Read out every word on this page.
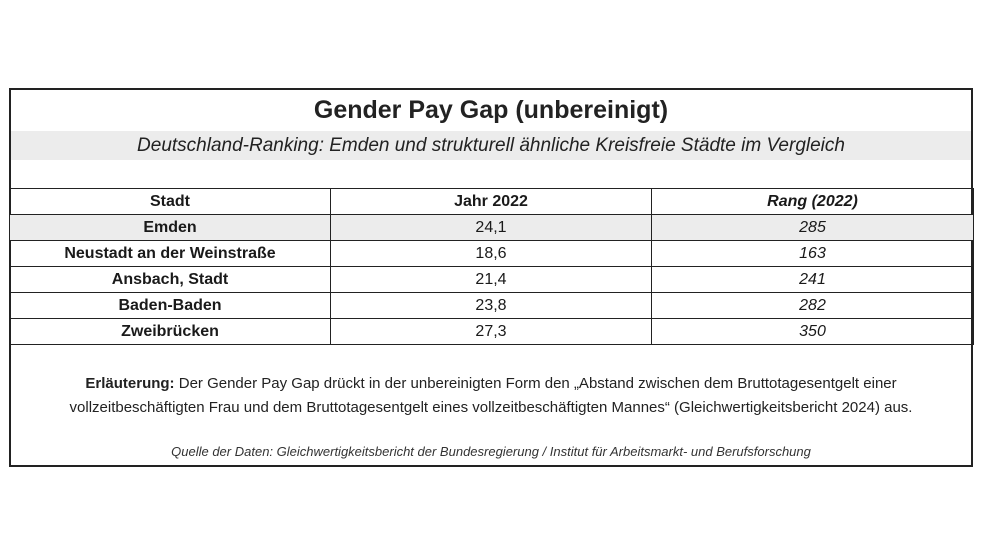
Gender Pay Gap (unbereinigt)
Deutschland-Ranking: Emden und strukturell ähnliche Kreisfreie Städte im Vergleich
Stadt	Jahr 2022	Rang (2022)
Emden	24,1	285
Neustadt an der Weinstraße	18,6	163
Ansbach, Stadt	21,4	241
Baden-Baden	23,8	282
Zweibrücken	27,3	350
Erläuterung: Der Gender Pay Gap drückt in der unbereinigten Form den „Abstand zwischen dem Bruttotagesentgelt einer
vollzeitbeschäftigten Frau und dem Bruttotagesentgelt eines vollzeitbeschäftigten Mannes“ (Gleichwertigkeitsbericht 2024) aus.
Quelle der Daten: Gleichwertigkeitsbericht der Bundesregierung / Institut für Arbeitsmarkt- und Berufsforschung
